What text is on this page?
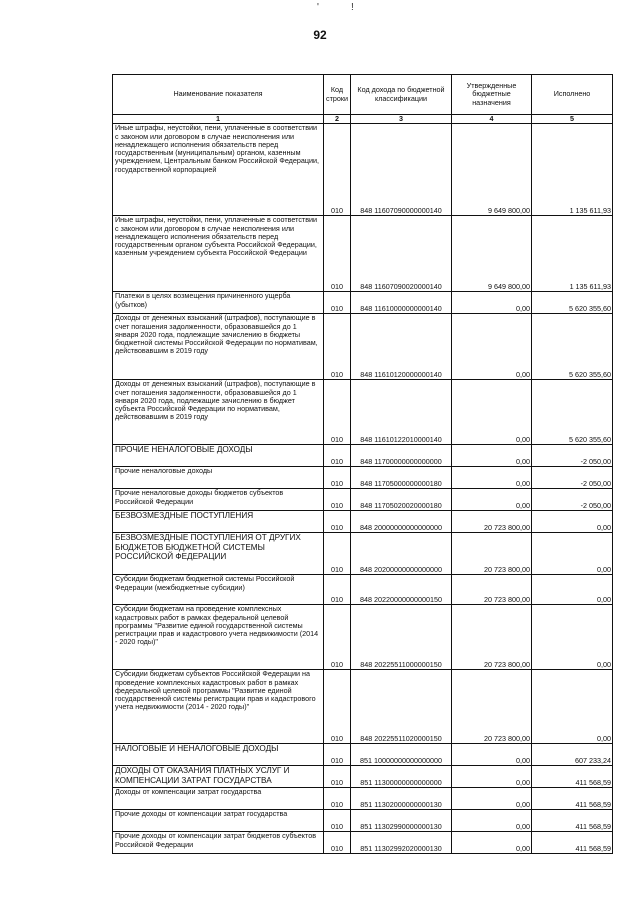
'	!
92
Наименование показателя	Код строки	Код дохода по бюджетной классификации	Утвержденные бюджетные назначения	Исполнено
1	2	3	4	5
Иные штрафы, неустойки, пени, уплаченные в соответствии с законом или договором в случае неисполнения или ненадлежащего исполнения обязательств перед государственным (муниципальным) органом, казенным учреждением, Центральным банком Российской Федерации, государственной корпорацией	010	848 11607090000000140	9 649 800,00	1 135 611,93
Иные штрафы, неустойки, пени, уплаченные в соответствии с законом или договором в случае неисполнения или ненадлежащего исполнения обязательств перед государственным органом субъекта Российской Федерации, казенным учреждением субъекта Российской Федерации	010	848 11607090020000140	9 649 800,00	1 135 611,93
Платежи в целях возмещения причиненного ущерба (убытков)	010	848 11610000000000140	0,00	5 620 355,60
Доходы от денежных взысканий (штрафов), поступающие в счет погашения задолженности, образовавшейся до 1 января 2020 года, подлежащие зачислению в бюджеты бюджетной системы Российской Федерации по нормативам, действовавшим в 2019 году	010	848 11610120000000140	0,00	5 620 355,60
Доходы от денежных взысканий (штрафов), поступающие в счет погашения задолженности, образовавшейся до 1 января 2020 года, подлежащие зачислению в бюджет субъекта Российской Федерации по нормативам, действовавшим в 2019 году	010	848 11610122010000140	0,00	5 620 355,60
ПРОЧИЕ НЕНАЛОГОВЫЕ ДОХОДЫ	010	848 11700000000000000	0,00	-2 050,00
Прочие неналоговые доходы	010	848 11705000000000180	0,00	-2 050,00
Прочие неналоговые доходы бюджетов субъектов Российской Федерации	010	848 11705020020000180	0,00	-2 050,00
БЕЗВОЗМЕЗДНЫЕ ПОСТУПЛЕНИЯ	010	848 20000000000000000	20 723 800,00	0,00
БЕЗВОЗМЕЗДНЫЕ ПОСТУПЛЕНИЯ ОТ ДРУГИХ БЮДЖЕТОВ БЮДЖЕТНОЙ СИСТЕМЫ РОССИЙСКОЙ ФЕДЕРАЦИИ	010	848 20200000000000000	20 723 800,00	0,00
Субсидии бюджетам бюджетной системы Российской Федерации (межбюджетные субсидии)	010	848 20220000000000150	20 723 800,00	0,00
Субсидии бюджетам на проведение комплексных кадастровых работ в рамках федеральной целевой программы "Развитие единой государственной системы регистрации прав и кадастрового учета недвижимости (2014 - 2020 годы)"	010	848 20225511000000150	20 723 800,00	0,00
Субсидии бюджетам субъектов Российской Федерации на проведение комплексных кадастровых работ в рамках федеральной целевой программы "Развитие единой государственной системы регистрации прав и кадастрового учета недвижимости (2014 - 2020 годы)"	010	848 20225511020000150	20 723 800,00	0,00
НАЛОГОВЫЕ И НЕНАЛОГОВЫЕ ДОХОДЫ	010	851 10000000000000000	0,00	607 233,24
ДОХОДЫ ОТ ОКАЗАНИЯ ПЛАТНЫХ УСЛУГ И КОМПЕНСАЦИИ ЗАТРАТ ГОСУДАРСТВА	010	851 11300000000000000	0,00	411 568,59
Доходы от компенсации затрат государства	010	851 11302000000000130	0,00	411 568,59
Прочие доходы от компенсации затрат государства	010	851 11302990000000130	0,00	411 568,59
Прочие доходы от компенсации затрат бюджетов субъектов Российской Федерации	010	851 11302992020000130	0,00	411 568,59
